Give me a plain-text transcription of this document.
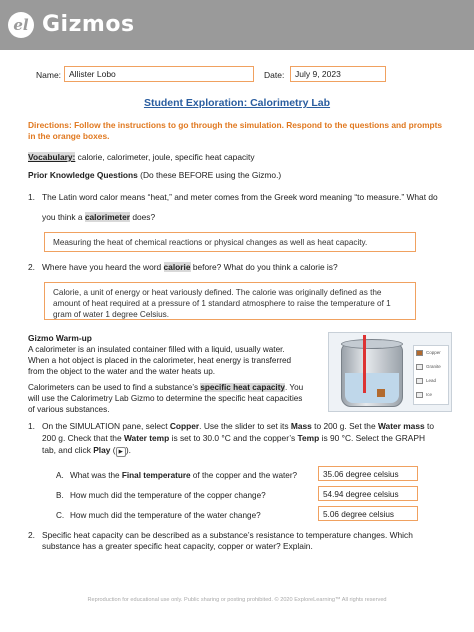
el Gizmos
Name: Allister Lobo	Date:	July 9, 2023
Student Exploration: Calorimetry Lab
Directions: Follow the instructions to go through the simulation. Respond to the questions and prompts in the orange boxes.
Vocabulary: calorie, calorimeter, joule, specific heat capacity
Prior Knowledge Questions (Do these BEFORE using the Gizmo.)
1. The Latin word calor means “heat,” and meter comes from the Greek word meaning “to measure.” What do
you think a calorimeter does?
Measuring the heat of chemical reactions or physical changes as well as heat capacity.
2. Where have you heard the word calorie before? What do you think a calorie is?
Calorie, a unit of energy or heat variously defined. The calorie was originally defined as the amount of heat required at a pressure of 1 standard atmosphere to raise the temperature of 1 gram of water 1 degree Celsius.
Gizmo Warm-up
A calorimeter is an insulated container filled with a liquid, usually water. When a hot object is placed in the calorimeter, heat energy is transferred from the object to the water and the water heats up.
Calorimeters can be used to find a substance’s specific heat capacity. You will use the Calorimetry Lab Gizmo to determine the specific heat capacities of various substances.
Copper
Granite
Lead
Ice
1. On the SIMULATION pane, select Copper. Use the slider to set its Mass to 200 g. Set the Water mass to
200 g. Check that the Water temp is set to 30.0 °C and the copper’s Temp is 90 °C. Select the GRAPH
tab, and click Play ( ▶ ).
A. What was the Final temperature of the copper and the water?	35.06 degree celsius
B. How much did the temperature of the copper change?	54.94 degree celsius
C. How much did the temperature of the water change?	5.06 degree celsius
2. Specific heat capacity can be described as a substance’s resistance to temperature changes. Which substance has a greater specific heat capacity, copper or water? Explain.
Reproduction for educational use only. Public sharing or posting prohibited. © 2020 ExploreLearning™ All rights reserved
